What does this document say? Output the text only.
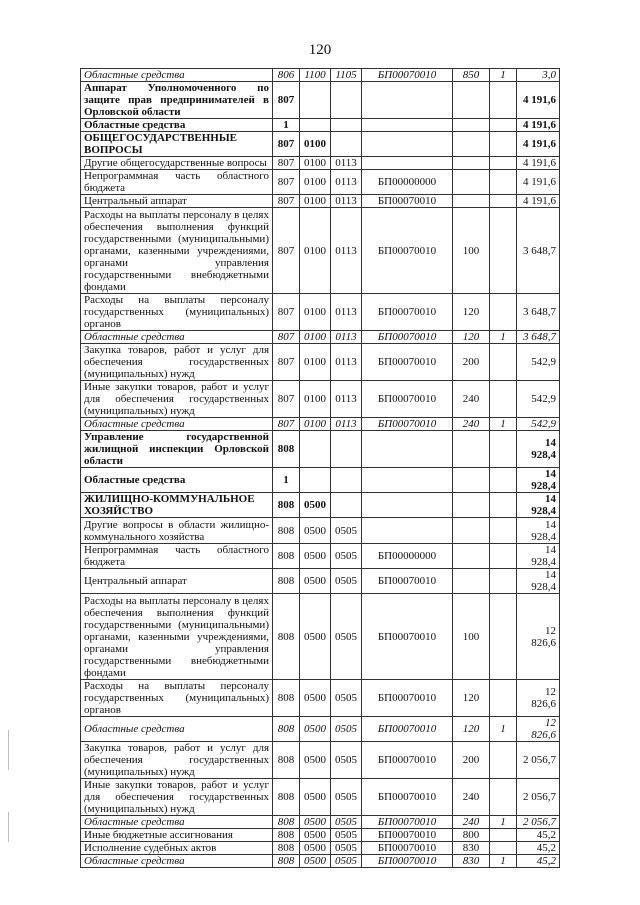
120
Областные средства	806	1100	1105	БП00070010	850	1	3,0
Аппарат Уполномоченного по защите прав предпринимателей в Орловской области	807						4 191,6
Областные средства	1						4 191,6
ОБЩЕГОСУДАРСТВЕННЫЕ ВОПРОСЫ	807	0100					4 191,6
Другие общегосударственные вопросы	807	0100	0113				4 191,6
Непрограммная часть областного бюджета	807	0100	0113	БП00000000			4 191,6
Центральный аппарат	807	0100	0113	БП00070010			4 191,6
Расходы на выплаты персоналу в целях обеспечения выполнения функций государственными (муниципальными) органами, казенными учреждениями, органами управления государственными внебюджетными фондами	807	0100	0113	БП00070010	100		3 648,7
Расходы на выплаты персоналу государственных (муниципальных) органов	807	0100	0113	БП00070010	120		3 648,7
Областные средства	807	0100	0113	БП00070010	120	1	3 648,7
Закупка товаров, работ и услуг для обеспечения государственных (муниципальных) нужд	807	0100	0113	БП00070010	200		542,9
Иные закупки товаров, работ и услуг для обеспечения государственных (муниципальных) нужд	807	0100	0113	БП00070010	240		542,9
Областные средства	807	0100	0113	БП00070010	240	1	542,9
Управление государственной жилищной инспекции Орловской области	808						14 928,4
Областные средства	1						14 928,4
ЖИЛИЩНО-КОММУНАЛЬНОЕ ХОЗЯЙСТВО	808	0500					14 928,4
Другие вопросы в области жилищно-коммунального хозяйства	808	0500	0505				14 928,4
Непрограммная часть областного бюджета	808	0500	0505	БП00000000			14 928,4
Центральный аппарат	808	0500	0505	БП00070010			14 928,4
Расходы на выплаты персоналу в целях обеспечения выполнения функций государственными (муниципальными) органами, казенными учреждениями, органами управления государственными внебюджетными фондами	808	0500	0505	БП00070010	100		12 826,6
Расходы на выплаты персоналу государственных (муниципальных) органов	808	0500	0505	БП00070010	120		12 826,6
Областные средства	808	0500	0505	БП00070010	120	1	12 826,6
Закупка товаров, работ и услуг для обеспечения государственных (муниципальных) нужд	808	0500	0505	БП00070010	200		2 056,7
Иные закупки товаров, работ и услуг для обеспечения государственных (муниципальных) нужд	808	0500	0505	БП00070010	240		2 056,7
Областные средства	808	0500	0505	БП00070010	240	1	2 056,7
Иные бюджетные ассигнования	808	0500	0505	БП00070010	800		45,2
Исполнение судебных актов	808	0500	0505	БП00070010	830		45,2
Областные средства	808	0500	0505	БП00070010	830	1	45,2
